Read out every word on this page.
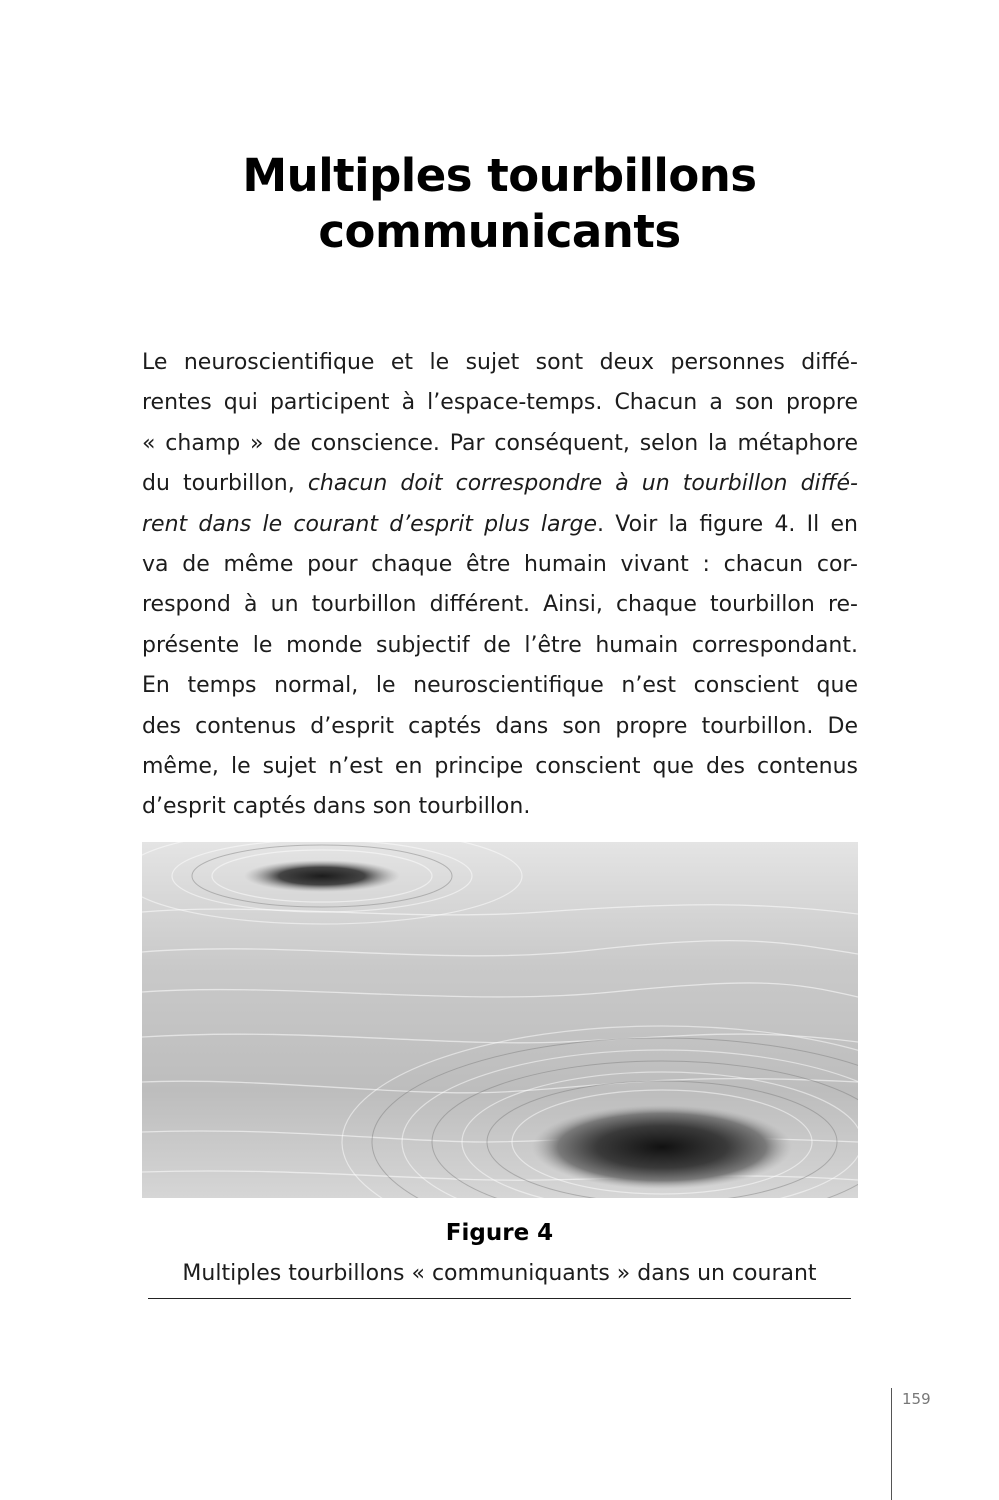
Multiples tourbillons
communicants
Le neuroscientifique et le sujet sont deux personnes diffé-
rentes qui participent à l’espace-temps. Chacun a son propre
« champ » de conscience. Par conséquent, selon la métaphore
du tourbillon, chacun doit correspondre à un tourbillon diffé-
rent dans le courant d’esprit plus large. Voir la figure 4. Il en
va de même pour chaque être humain vivant : chacun cor-
respond à un tourbillon différent. Ainsi, chaque tourbillon re-
présente le monde subjectif de l’être humain correspondant.
En temps normal, le neuroscientifique n’est conscient que
des contenus d’esprit captés dans son propre tourbillon. De
même, le sujet n’est en principe conscient que des contenus
d’esprit captés dans son tourbillon.
Figure 4
Multiples tourbillons « communiquants » dans un courant
159
